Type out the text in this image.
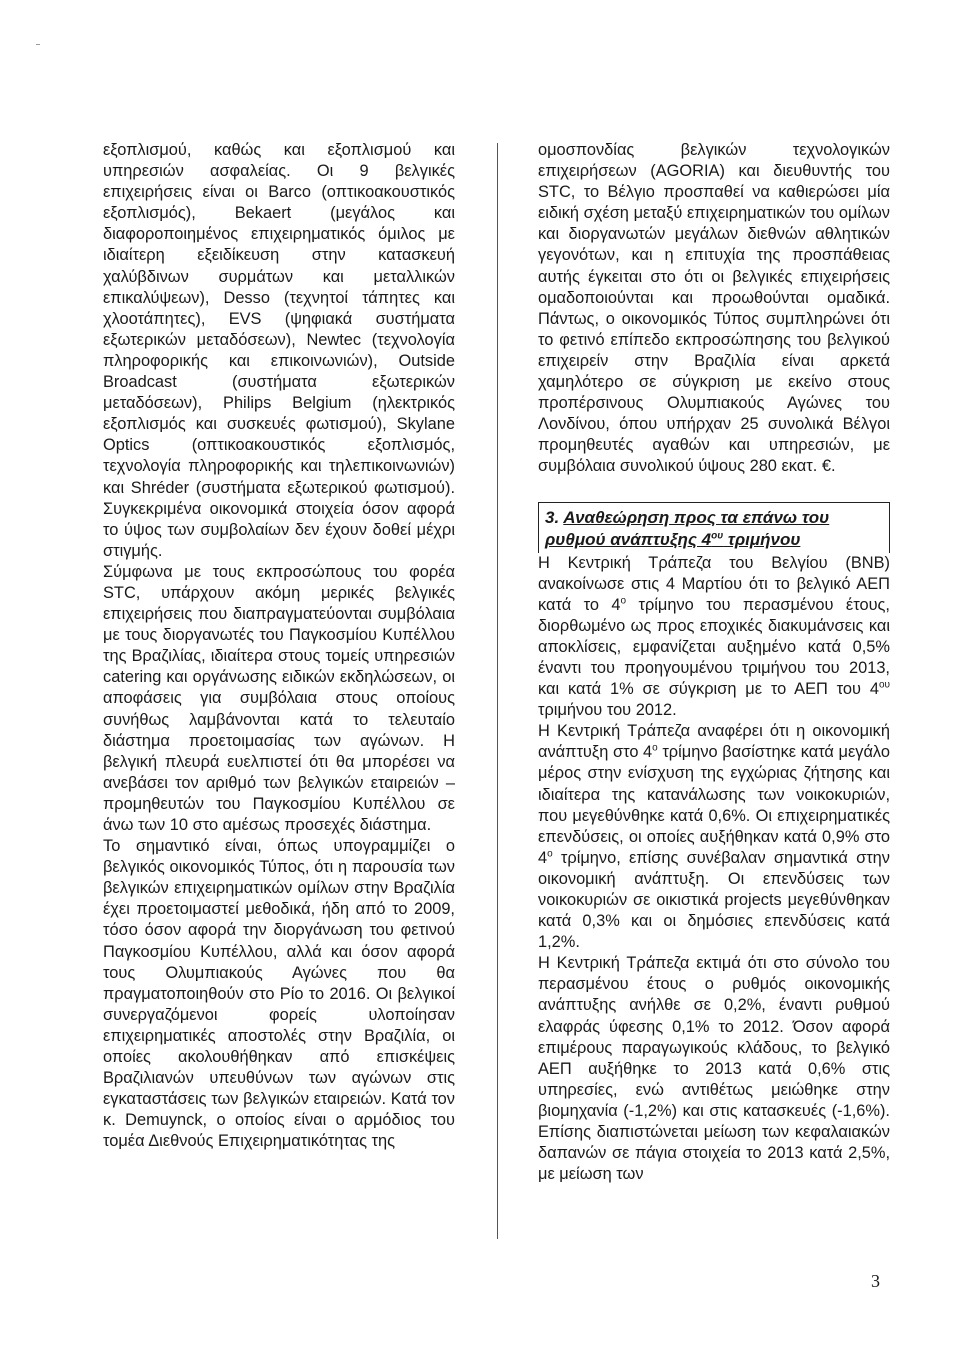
εξοπλισμού, καθώς και εξοπλισμού και υπηρεσιών ασφαλείας. Οι 9 βελγικές επιχειρήσεις είναι οι Barco (οπτικοακουστικός εξοπλισμός), Bekaert (μεγάλος και διαφοροποιημένος επιχειρηματικός όμιλος με ιδιαίτερη εξειδίκευση στην κατασκευή χαλύβδινων συρμάτων και μεταλλικών επικαλύψεων), Desso (τεχνητοί τάπητες και χλοοτάπητες), EVS (ψηφιακά συστήματα εξωτερικών μεταδόσεων), Newtec (τεχνολογία πληροφορικής και επικοινωνιών), Outside Broadcast (συστήματα εξωτερικών μεταδόσεων), Philips Belgium (ηλεκτρικός εξοπλισμός και συσκευές φωτισμού), Skylane Optics (οπτικοακουστικός εξοπλισμός, τεχνολογία πληροφορικής και τηλεπικοινωνιών) και Shréder (συστήματα εξωτερικού φωτισμού). Συγκεκριμένα οικονομικά στοιχεία όσον αφορά το ύψος των συμβολαίων δεν έχουν δοθεί μέχρι στιγμής.

Σύμφωνα με τους εκπροσώπους του φορέα STC, υπάρχουν ακόμη μερικές βελγικές επιχειρήσεις που διαπραγματεύονται συμβόλαια με τους διοργανωτές του Παγκοσμίου Κυπέλλου της Βραζιλίας, ιδιαίτερα στους τομείς υπηρεσιών catering και οργάνωσης ειδικών εκδηλώσεων, οι αποφάσεις για συμβόλαια στους οποίους συνήθως λαμβάνονται κατά το τελευταίο διάστημα προετοιμασίας των αγώνων. Η βελγική πλευρά ευελπιστεί ότι θα μπορέσει να ανεβάσει τον αριθμό των βελγικών εταιρειών – προμηθευτών του Παγκοσμίου Κυπέλλου σε άνω των 10 στο αμέσως προσεχές διάστημα.

Το σημαντικό είναι, όπως υπογραμμίζει ο βελγικός οικονομικός Τύπος, ότι η παρουσία των βελγικών επιχειρηματικών ομίλων στην Βραζιλία έχει προετοιμαστεί μεθοδικά, ήδη από το 2009, τόσο όσον αφορά την διοργάνωση του φετινού Παγκοσμίου Κυπέλλου, αλλά και όσον αφορά τους Ολυμπιακούς Αγώνες που θα πραγματοποιηθούν στο Ρίο το 2016. Οι βελγικοί συνεργαζόμενοι φορείς υλοποίησαν επιχειρηματικές αποστολές στην Βραζιλία, οι οποίες ακολουθήθηκαν από επισκέψεις Βραζιλιανών υπευθύνων των αγώνων στις εγκαταστάσεις των βελγικών εταιρειών. Κατά τον κ. Demuynck, ο οποίος είναι ο αρμόδιος του τομέα Διεθνούς Επιχειρηματικότητας της

ομοσπονδίας βελγικών τεχνολογικών επιχειρήσεων (AGORIA) και διευθυντής του STC, το Βέλγιο προσπαθεί να καθιερώσει μία ειδική σχέση μεταξύ επιχειρηματικών του ομίλων και διοργανωτών μεγάλων διεθνών αθλητικών γεγονότων, και η επιτυχία της προσπάθειας αυτής έγκειται στο ότι οι βελγικές επιχειρήσεις ομαδοποιούνται και προωθούνται ομαδικά. Πάντως, ο οικονομικός Τύπος συμπληρώνει ότι το φετινό επίπεδο εκπροσώπησης του βελγικού επιχειρείν στην Βραζιλία είναι αρκετά χαμηλότερο σε σύγκριση με εκείνο στους προπέρσινους Ολυμπιακούς Αγώνες του Λονδίνου, όπου υπήρχαν 25 συνολικά Βέλγοι προμηθευτές αγαθών και υπηρεσιών, με συμβόλαια συνολικού ύψους 280 εκατ. €.

3. Αναθεώρηση προς τα επάνω του ρυθμού ανάπτυξης $4^{o\upsilon}$ τριμήνου

Η Κεντρική Τράπεζα του Βελγίου (BNB) ανακοίνωσε στις 4 Μαρτίου ότι το βελγικό ΑΕΠ κατά το $4^o$ τρίμηνο του περασμένου έτους, διορθωμένο ως προς εποχικές διακυμάνσεις και αποκλίσεις, εμφανίζεται αυξημένο κατά 0,5% έναντι του προηγουμένου τριμήνου του 2013, και κατά 1% σε σύγκριση με το ΑΕΠ του $4^{o\upsilon}$ τριμήνου του 2012.

Η Κεντρική Τράπεζα αναφέρει ότι η οικονομική ανάπτυξη στο $4^o$ τρίμηνο βασίστηκε κατά μεγάλο μέρος στην ενίσχυση της εγχώριας ζήτησης και ιδιαίτερα της κατανάλωσης των νοικοκυριών, που μεγεθύνθηκε κατά 0,6%. Οι επιχειρηματικές επενδύσεις, οι οποίες αυξήθηκαν κατά 0,9% στο $4^o$ τρίμηνο, επίσης συνέβαλαν σημαντικά στην οικονομική ανάπτυξη. Οι επενδύσεις των νοικοκυριών σε οικιστικά projects μεγεθύνθηκαν κατά 0,3% και οι δημόσιες επενδύσεις κατά 1,2%.

Η Κεντρική Τράπεζα εκτιμά ότι στο σύνολο του περασμένου έτους ο ρυθμός οικονομικής ανάπτυξης ανήλθε σε 0,2%, έναντι ρυθμού ελαφράς ύφεσης 0,1% το 2012. Όσον αφορά επιμέρους παραγωγικούς κλάδους, το βελγικό ΑΕΠ αυξήθηκε το 2013 κατά 0,6% στις υπηρεσίες, ενώ αντιθέτως μειώθηκε στην βιομηχανία (-1,2%) και στις κατασκευές (-1,6%). Επίσης διαπιστώνεται μείωση των κεφαλαιακών δαπανών σε πάγια στοιχεία το 2013 κατά 2,5%, με μείωση των

3
